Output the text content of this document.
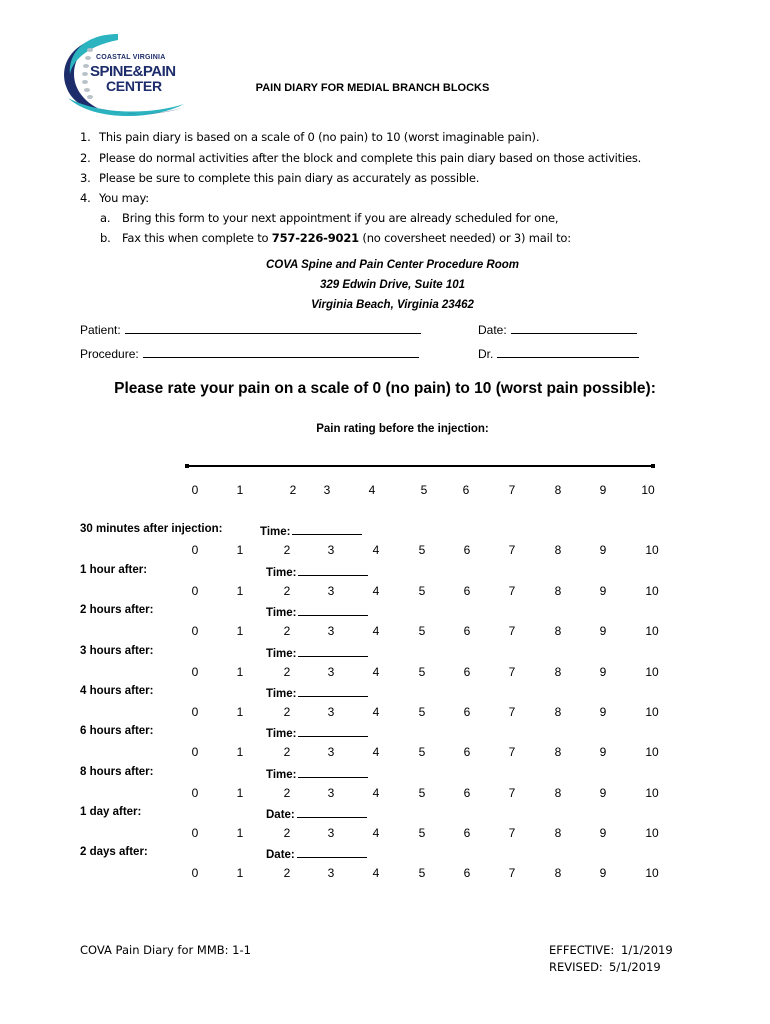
COASTAL VIRGINIA
SPINE&PAIN
CENTER	PAIN DIARY FOR MEDIAL BRANCH BLOCKS
1. This pain diary is based on a scale of 0 (no pain) to 10 (worst imaginable pain).
2. Please do normal activities after the block and complete this pain diary based on those activities.
3. Please be sure to complete this pain diary as accurately as possible.
4. You may:
a. Bring this form to your next appointment if you are already scheduled for one,
b. Fax this when complete to 757-226-9021 (no coversheet needed) or 3) mail to:
COVA Spine and Pain Center Procedure Room
329 Edwin Drive, Suite 101
Virginia Beach, Virginia 23462
Patient:	Date:
Procedure:	Dr.
Please rate your pain on a scale of 0 (no pain) to 10 (worst pain possible):
Pain rating before the injection:
0	1	2 3	4	5	6	7	8	9	10
30 minutes after injection:	Time:
0	1	2	3	4	5	6	7	8	9	10
1 hour after:	Time:
0	1	2	3	4	5	6	7	8	9	10
2 hours after:	Time:
0	1	2	3	4	5	6	7	8	9	10
3 hours after:	Time:
0	1	2	3	4	5	6	7	8	9	10
4 hours after:	Time:
0	1	2	3	4	5	6	7	8	9	10
6 hours after:	Time:
0	1	2	3	4	5	6	7	8	9	10
8 hours after:	Time:
0	1	2	3	4	5	6	7	8	9	10
1 day after:	Date:
0	1	2	3	4	5	6	7	8	9	10
2 days after:	Date:
0	1	2	3	4	5	6	7	8	9	10
COVA Pain Diary for MMB: 1-1	EFFECTIVE: 1/1/2019
REVISED: 5/1/2019
